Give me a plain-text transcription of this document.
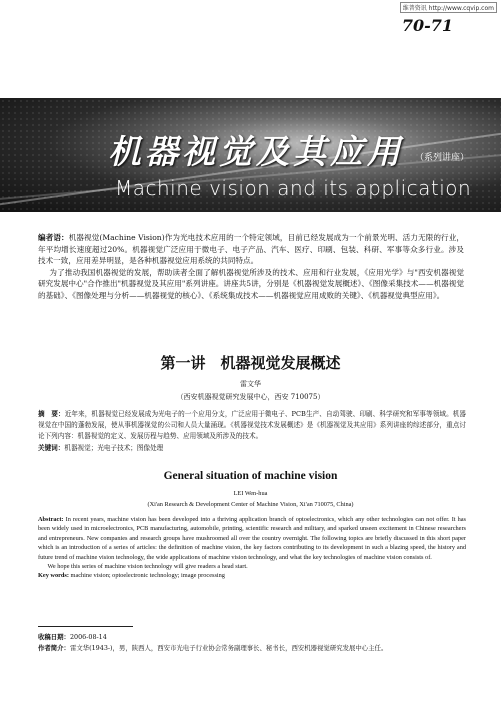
维普资讯 http://www.cqvip.com
70-71
机器视觉及其应用 （系列讲座）
Machine vision and its application

编者语：机器视觉(Machine Vision)作为光电技术应用的一个特定领域，目前已经发展成为一个前景光明、活力无限的行业，年平均增长速度超过20%。机器视觉广泛应用于微电子、电子产品、汽车、医疗、印刷、包装、科研、军事等众多行业。涉及技术一致，应用差异明显，是各种机器视觉应用系统的共同特点。

为了推动我国机器视觉的发展，帮助读者全面了解机器视觉所涉及的技术、应用和行业发展，《应用光学》与"西安机器视觉研究发展中心"合作推出"机器视觉及其应用"系列讲座。讲座共5讲，分别是《机器视觉发展概述》、《图像采集技术——机器视觉的基础》、《图像处理与分析——机器视觉的核心》、《系统集成技术——机器视觉应用成败的关键》、《机器视觉典型应用》。

第一讲　机器视觉发展概述
雷文华
（西安机器视觉研究发展中心，西安 710075）

摘　要：近年来，机器视觉已经发展成为光电子的一个应用分支，广泛应用于微电子、PCB生产、自动驾驶、印刷、科学研究和军事等领域。机器视觉在中国的蓬勃发展，使从事机器视觉的公司和人员大量涌现。《机器视觉技术发展概述》是《机器视觉及其应用》系列讲座的综述部分，重点讨论下列内容：机器视觉的定义、发展历程与趋势、应用领域及所涉及的技术。

关键词：机器视觉；光电子技术；图像处理

General situation of machine vision
LEI Wen-hua
(Xi'an Research & Development Center of Machine Vision, Xi'an 710075, China)

Abstract: In recent years, machine vision has been developed into a thriving application branch of optoelectronics, which any other technologies can not offer. It has been widely used in microelectronics, PCB manufacturing, automobile, printing, scientific research and military, and sparked unseen excitement in Chinese researchers and entrepreneurs. New companies and research groups have mushroomed all over the country overnight. The following topics are briefly discussed in this short paper which is an introduction of a series of articles: the definition of machine vision, the key factors contributing to its development in such a blazing speed, the history and future trend of machine vision technology, the wide applications of machine vision technology, and what the key technologies of machine vision consists of.

We hope this series of machine vision technology will give readers a head start.

Key words: machine vision; optoelectronic technology; image processing

收稿日期：2006-08-14

作者简介：雷文华(1943-)，男，陕西人，西安市光电子行业协会常务副理事长、秘书长，西安机器视觉研究发展中心主任。
